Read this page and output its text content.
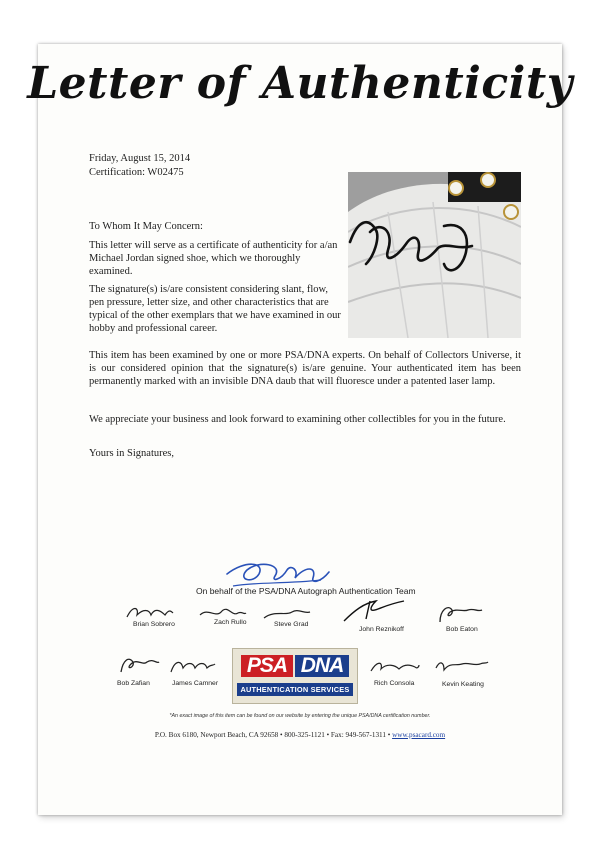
Letter of Authenticity
Friday, August 15, 2014
Certification: W02475
To Whom It May Concern:
This letter will serve as a certificate of authenticity for a/an Michael Jordan signed shoe, which we thoroughly examined.
The signature(s) is/are consistent considering slant, flow, pen pressure, letter size, and other characteristics that are typical of the other exemplars that we have examined in our hobby and professional career.
This item has been examined by one or more PSA/DNA experts. On behalf of Collectors Universe, it is our considered opinion that the signature(s) is/are genuine. Your authenticated item has been permanently marked with an invisible DNA daub that will fluoresce under a patented laser lamp.
We appreciate your business and look forward to examining other collectibles for you in the future.
Yours in Signatures,
On behalf of the PSA/DNA Autograph Authentication Team
Brian Sobrero	Zach Rullo	Steve Grad
John Reznikoff	Bob Eaton
Bob Zafian	James Camner
PSA DNA
AUTHENTICATION SERVICES
Rich Consola	Kevin Keating
*An exact image of this item can be found on our website by entering the unique PSA/DNA certification number.
P.O. Box 6180, Newport Beach, CA 92658 • 800-325-1121 • Fax: 949-567-1311 • www.psacard.com
